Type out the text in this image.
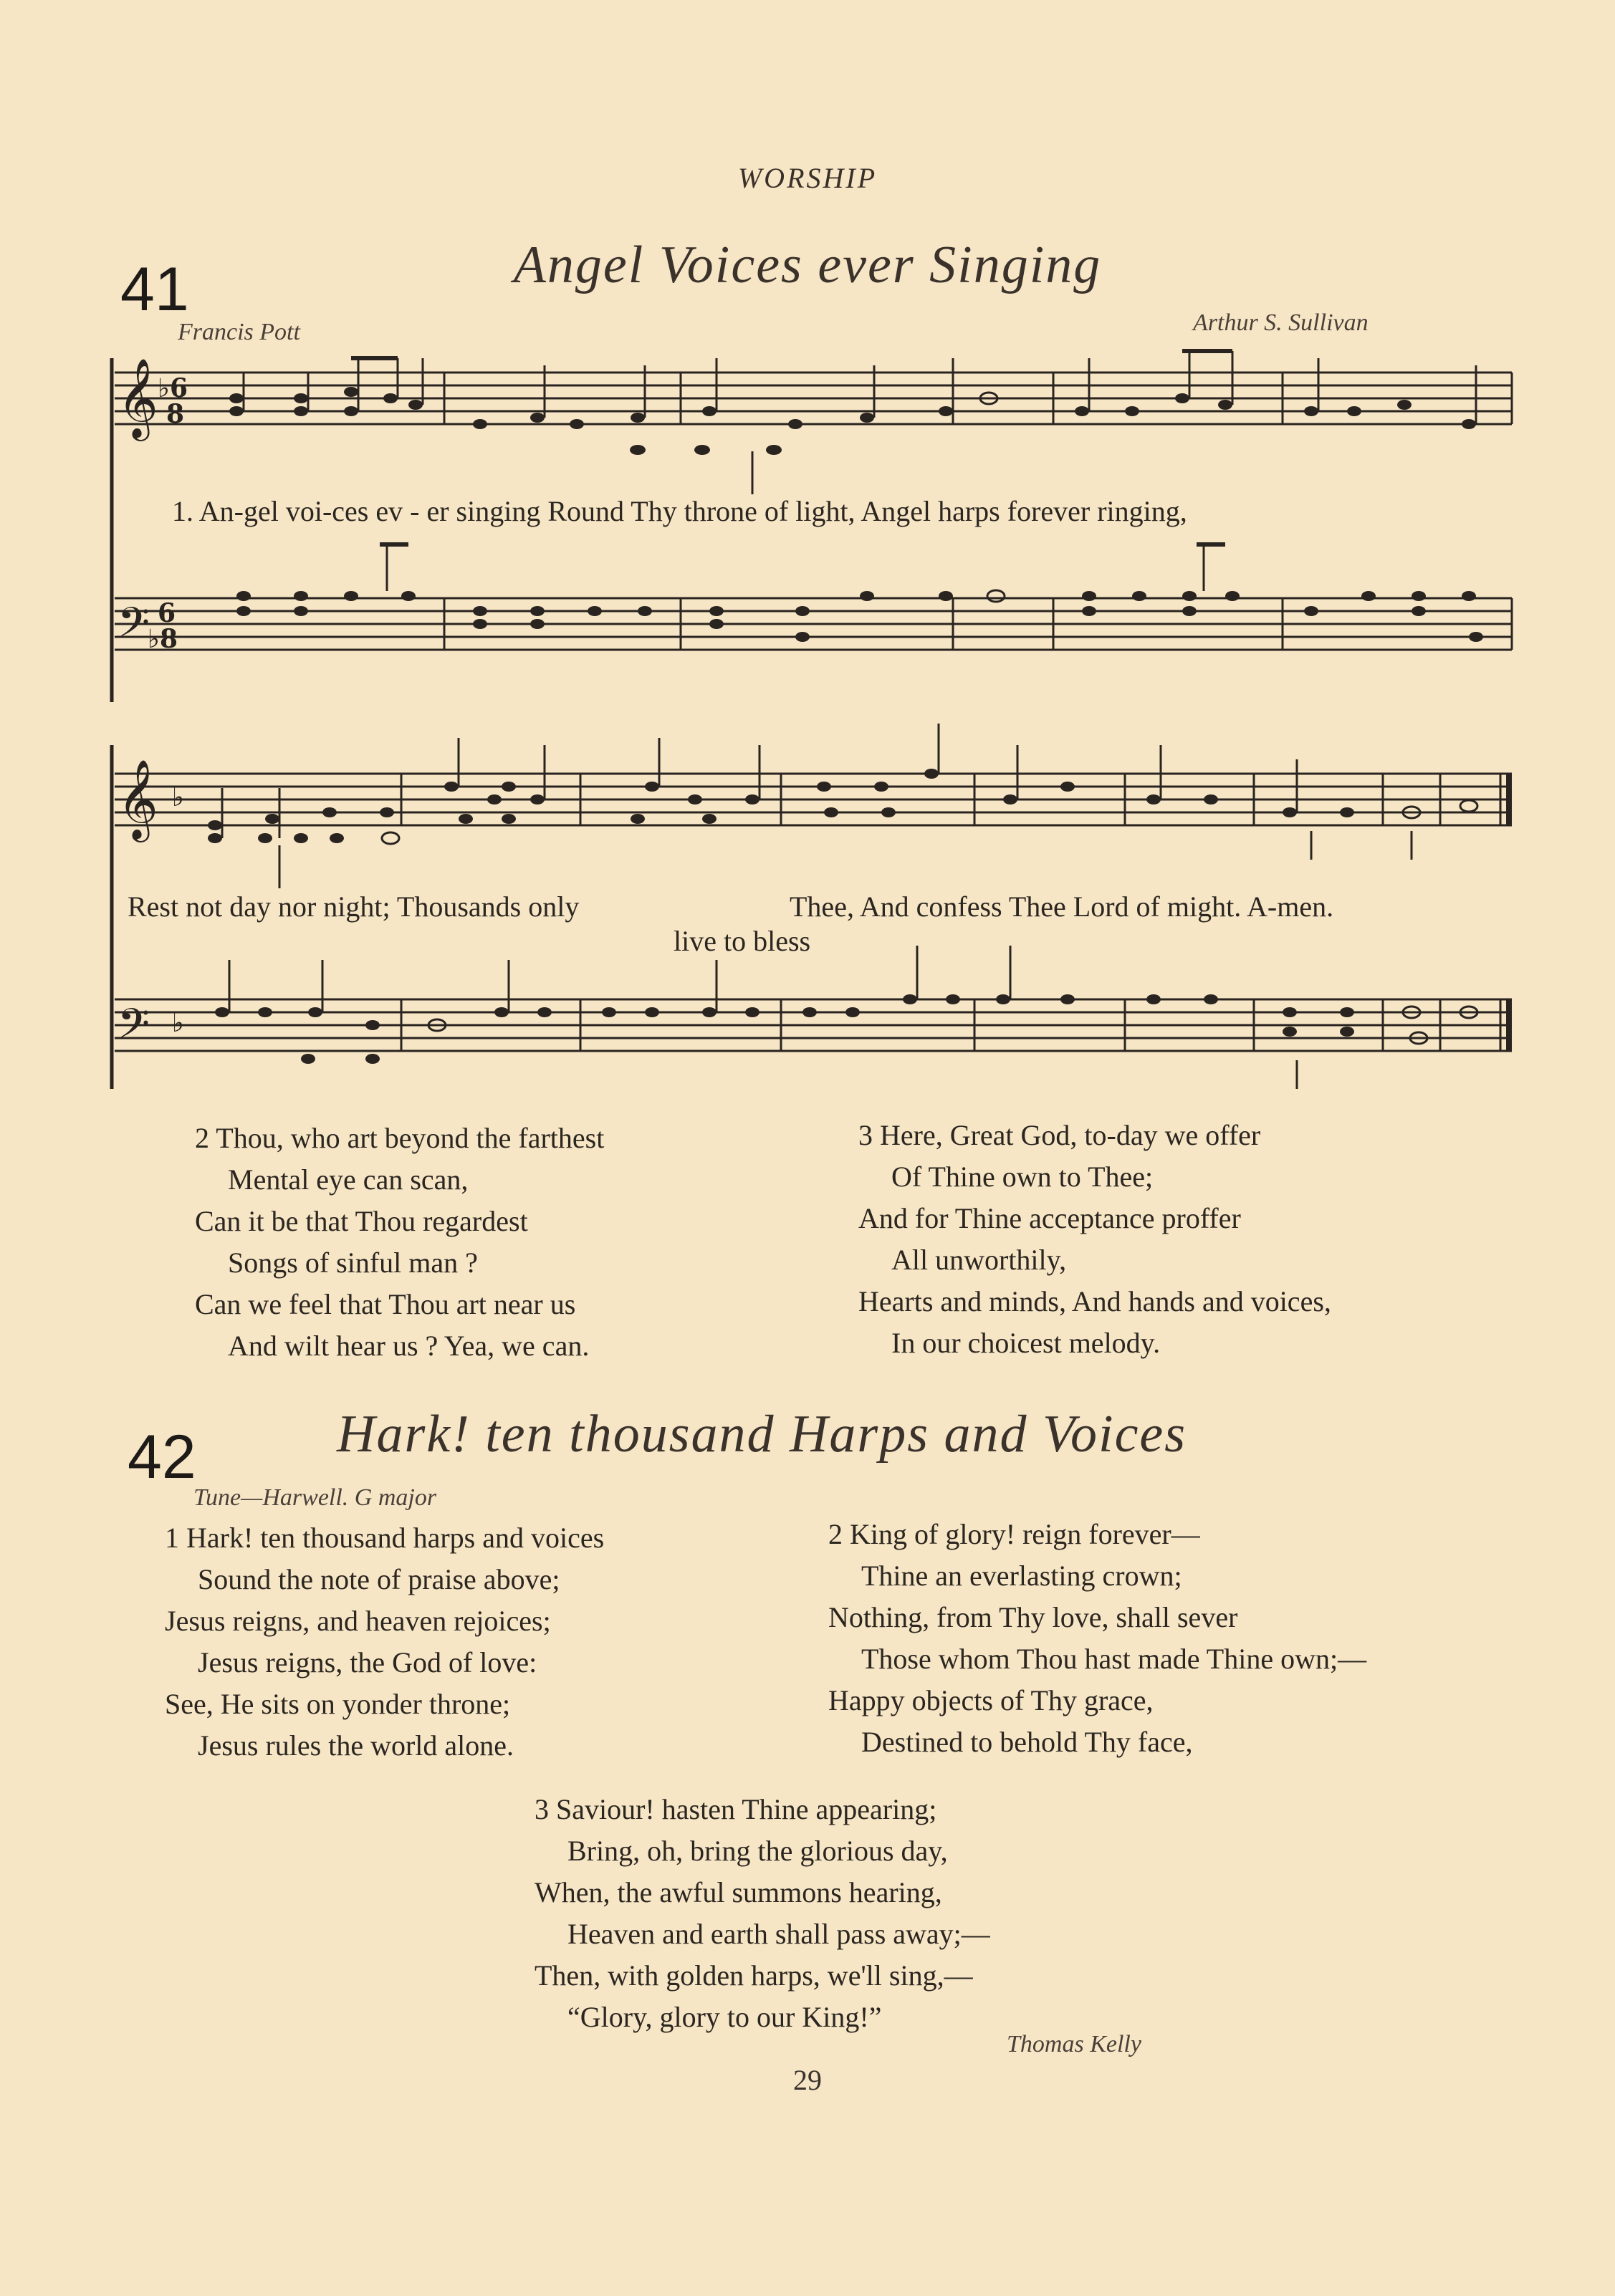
WORSHIP
41	Angel Voices ever Singing
Francis Pott	Arthur S. Sullivan
𝄞
𝄢
♭6
8
6
♭8
1. An-gel voi-ces ev - er singing Round Thy throne of light, Angel harps forever ringing,
𝄞
𝄢
♭
♭
Rest not day nor night; Thousands only	Thee, And confess Thee Lord of might. A-men.
live to bless
2 Thou, who art beyond the farthest
Mental eye can scan,
Can it be that Thou regardest
Songs of sinful man ?
Can we feel that Thou art near us
And wilt hear us ? Yea, we can.
3 Here, Great God, to-day we offer
Of Thine own to Thee;
And for Thine acceptance proffer
All unworthily,
Hearts and minds, And hands and voices,
In our choicest melody.
42	Hark! ten thousand Harps and Voices
Tune—Harwell. G major
1 Hark! ten thousand harps and voices
Sound the note of praise above;
Jesus reigns, and heaven rejoices;
Jesus reigns, the God of love:
See, He sits on yonder throne;
Jesus rules the world alone.
2 King of glory! reign forever—
Thine an everlasting crown;
Nothing, from Thy love, shall sever
Those whom Thou hast made Thine own;—
Happy objects of Thy grace,
Destined to behold Thy face,
3 Saviour! hasten Thine appearing;
Bring, oh, bring the glorious day,
When, the awful summons hearing,
Heaven and earth shall pass away;—
Then, with golden harps, we'll sing,—
“Glory, glory to our King!”
Thomas Kelly
29
